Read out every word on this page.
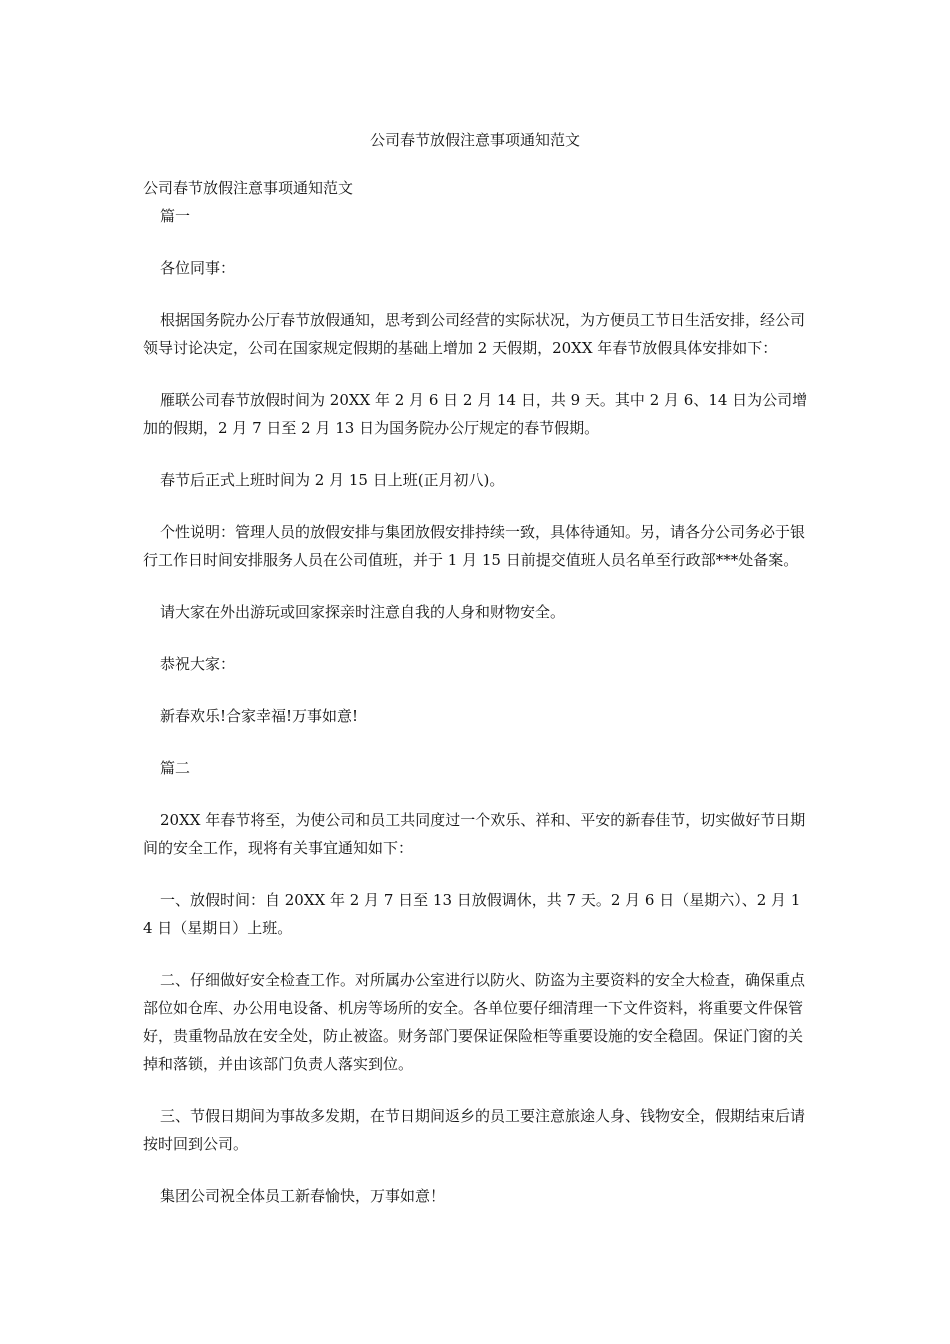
公司春节放假注意事项通知范文

公司春节放假注意事项通知范文

篇一

各位同事：

根据国务院办公厅春节放假通知，思考到公司经营的实际状况，为方便员工节日生活安排，经公司领导讨论决定，公司在国家规定假期的基础上增加 2 天假期，20XX 年春节放假具体安排如下：

雁联公司春节放假时间为 20XX 年 2 月 6 日 2 月 14 日，共 9 天。其中 2 月 6、14 日为公司增加的假期，2 月 7 日至 2 月 13 日为国务院办公厅规定的春节假期。

春节后正式上班时间为 2 月 15 日上班(正月初八)。

个性说明：管理人员的放假安排与集团放假安排持续一致，具体待通知。另，请各分公司务必于银行工作日时间安排服务人员在公司值班，并于 1 月 15 日前提交值班人员名单至行政部***处备案。

请大家在外出游玩或回家探亲时注意自我的人身和财物安全。

恭祝大家：

新春欢乐!合家幸福!万事如意!

篇二

20XX 年春节将至，为使公司和员工共同度过一个欢乐、祥和、平安的新春佳节，切实做好节日期间的安全工作，现将有关事宜通知如下：

一、放假时间：自 20XX 年 2 月 7 日至 13 日放假调休，共 7 天。2 月 6 日（星期六）、2 月 14 日（星期日）上班。

二、仔细做好安全检查工作。对所属办公室进行以防火、防盗为主要资料的安全大检查，确保重点部位如仓库、办公用电设备、机房等场所的安全。各单位要仔细清理一下文件资料，将重要文件保管好，贵重物品放在安全处，防止被盗。财务部门要保证保险柜等重要设施的安全稳固。保证门窗的关掉和落锁，并由该部门负责人落实到位。

三、节假日期间为事故多发期，在节日期间返乡的员工要注意旅途人身、钱物安全，假期结束后请按时回到公司。

集团公司祝全体员工新春愉快，万事如意！
